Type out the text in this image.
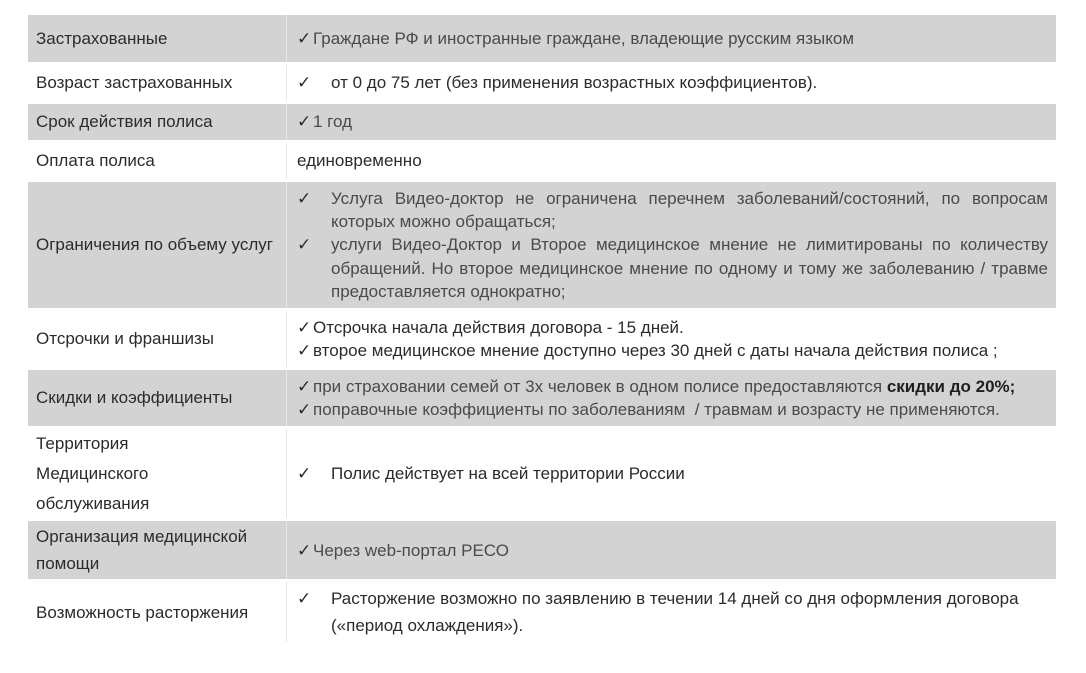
Застрахованные	✓ Граждане РФ и иностранные граждане, владеющие русским языком

Возраст застрахованных	✓ от 0 до 75 лет (без применения возрастных коэффициентов).

Срок действия полиса	✓ 1 год

Оплата полиса	единовременно
Ограничения по объему услуг	✓ Услуга Видео-доктор не ограничена перечнем заболеваний/состояний, по вопросам которых можно обращаться;
✓ услуги Видео-Доктор и Второе медицинское мнение не лимитированы по количеству обращений. Но второе медицинское мнение по одному и тому же заболеванию / травме предоставляется однократно;

Отсрочки и франшизы	✓ Отсрочка начала действия договора - 15 дней.
✓ второе медицинское мнение доступно через 30 дней с даты начала действия полиса ;

Скидки и коэффициенты	✓ при страховании семей от 3х человек в одном полисе предоставляются
скидки до 20%;
✓ поправочные коэффициенты по заболеваниям  / травмам и возрасту не применяются.

Территория Медицинского обслуживания	✓ Полис действует на всей территории России

Организация медицинской помощи	✓ Через web-портал РЕСО

Возможность расторжения	✓ Расторжение возможно по заявлению в течении 14 дней со дня оформления договора («период охлаждения»).
